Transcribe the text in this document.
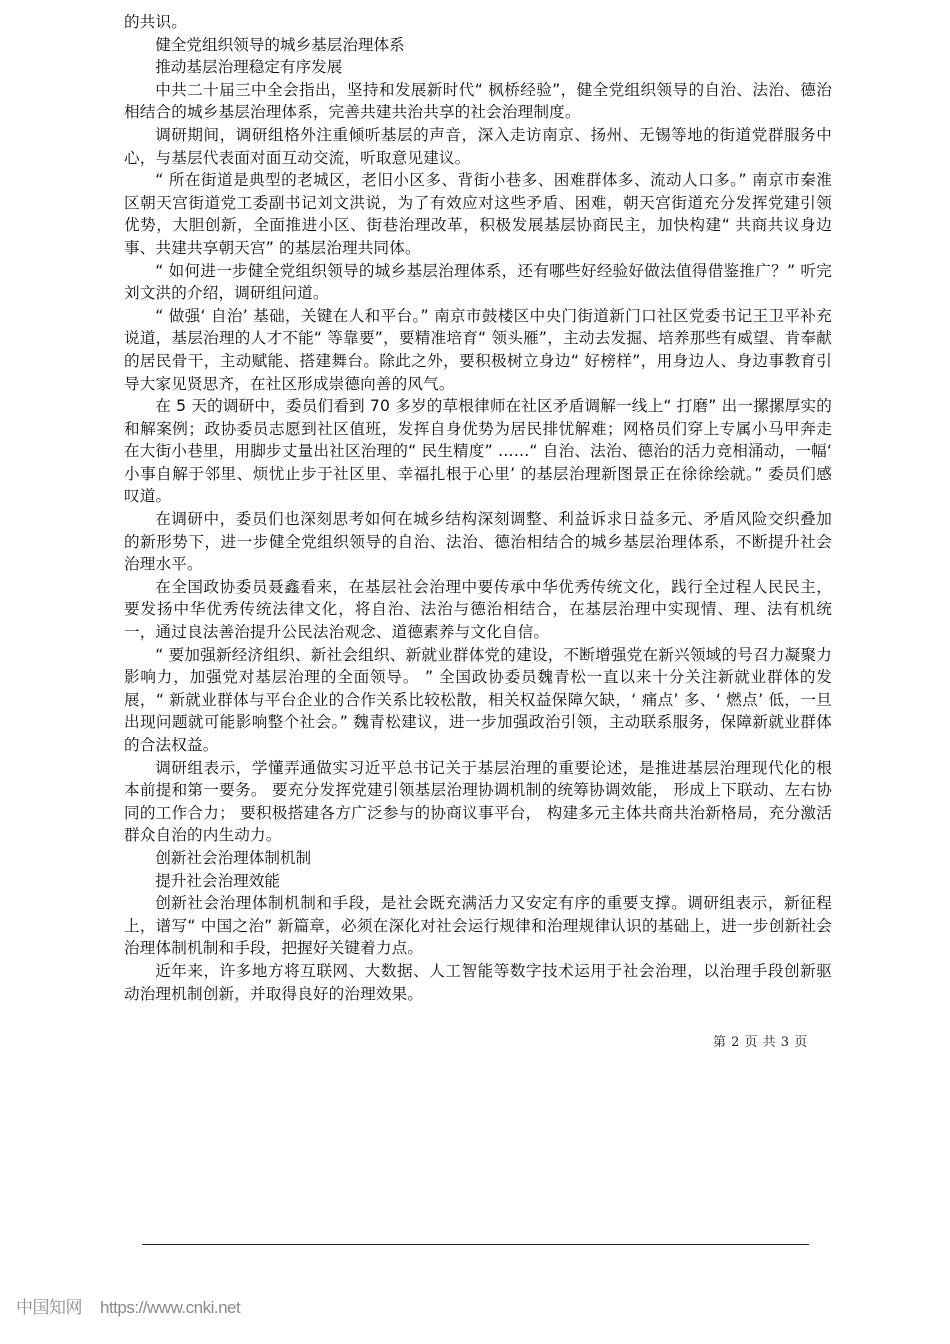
的共识。

健全党组织领导的城乡基层治理体系

推动基层治理稳定有序发展

中共二十届三中全会指出，坚持和发展新时代“ 枫桥经验”，健全党组织领导的自治、法治、德治相结合的城乡基层治理体系，完善共建共治共享的社会治理制度。

调研期间，调研组格外注重倾听基层的声音，深入走访南京、扬州、无锡等地的街道党群服务中心，与基层代表面对面互动交流，听取意见建议。

“ 所在街道是典型的老城区，老旧小区多、背街小巷多、困难群体多、流动人口多。” 南京市秦淮区朝天宫街道党工委副书记刘文洪说，为了有效应对这些矛盾、困难，朝天宫街道充分发挥党建引领优势，大胆创新，全面推进小区、街巷治理改革，积极发展基层协商民主，加快构建“ 共商共议身边事、共建共享朝天宫” 的基层治理共同体。

“ 如何进一步健全党组织领导的城乡基层治理体系，还有哪些好经验好做法值得借鉴推广？” 听完刘文洪的介绍，调研组问道。

“ 做强‘ 自治’ 基础，关键在人和平台。” 南京市鼓楼区中央门街道新门口社区党委书记王卫平补充说道，基层治理的人才不能“ 等靠要”，要精准培育“ 领头雁”，主动去发掘、培养那些有威望、肯奉献的居民骨干，主动赋能、搭建舞台。除此之外，要积极树立身边“ 好榜样”，用身边人、身边事教育引导大家见贤思齐，在社区形成崇德向善的风气。

在 5 天的调研中，委员们看到 70 多岁的草根律师在社区矛盾调解一线上“ 打磨” 出一摞摞厚实的和解案例；政协委员志愿到社区值班，发挥自身优势为居民排忧解难；网格员们穿上专属小马甲奔走在大街小巷里，用脚步丈量出社区治理的“ 民生精度” ……“ 自治、法治、德治的活力竞相涌动，一幅‘ 小事自解于邻里、烦忧止步于社区里、幸福扎根于心里’ 的基层治理新图景正在徐徐绘就。” 委员们感叹道。

在调研中，委员们也深刻思考如何在城乡结构深刻调整、利益诉求日益多元、矛盾风险交织叠加的新形势下，进一步健全党组织领导的自治、法治、德治相结合的城乡基层治理体系，不断提升社会治理水平。

在全国政协委员聂鑫看来，在基层社会治理中要传承中华优秀传统文化，践行全过程人民民主，要发扬中华优秀传统法律文化，将自治、法治与德治相结合，在基层治理中实现情、理、法有机统一，通过良法善治提升公民法治观念、道德素养与文化自信。

“ 要加强新经济组织、新社会组织、新就业群体党的建设，不断增强党在新兴领域的号召力凝聚力影响力，加强党对基层治理的全面领导。 ” 全国政协委员魏青松一直以来十分关注新就业群体的发展，“ 新就业群体与平台企业的合作关系比较松散，相关权益保障欠缺，‘ 痛点’ 多、‘ 燃点’ 低，一旦出现问题就可能影响整个社会。” 魏青松建议，进一步加强政治引领，主动联系服务，保障新就业群体的合法权益。

调研组表示，学懂弄通做实习近平总书记关于基层治理的重要论述，是推进基层治理现代化的根本前提和第一要务。 要充分发挥党建引领基层治理协调机制的统筹协调效能， 形成上下联动、左右协同的工作合力； 要积极搭建各方广泛参与的协商议事平台， 构建多元主体共商共治新格局，充分激活群众自治的内生动力。

创新社会治理体制机制

提升社会治理效能

创新社会治理体制机制和手段，是社会既充满活力又安定有序的重要支撑。调研组表示，新征程上，谱写“ 中国之治” 新篇章，必须在深化对社会运行规律和治理规律认识的基础上，进一步创新社会治理体制机制和手段，把握好关键着力点。

近年来，许多地方将互联网、大数据、人工智能等数字技术运用于社会治理，以治理手段创新驱动治理机制创新，并取得良好的治理效果。

第 2 页 共 3 页
中国知网 https://www.cnki.net
